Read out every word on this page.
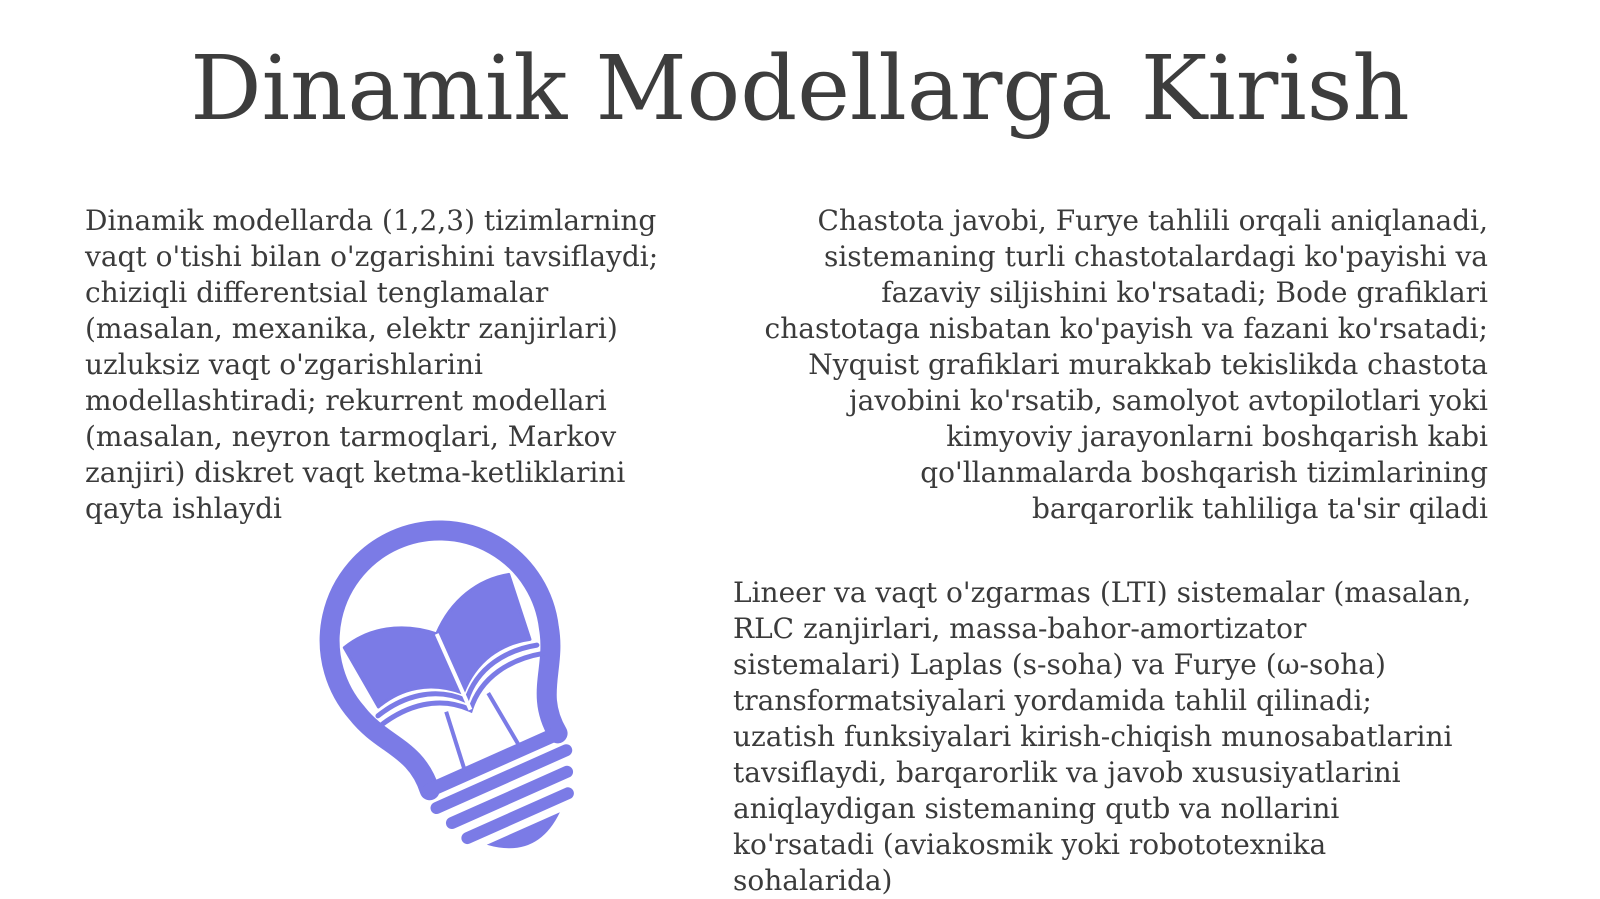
Dinamik Modellarga Kirish

Dinamik modellarda (1,2,3) tizimlarning
vaqt o'tishi bilan o'zgarishini tavsiflaydi;
chiziqli differentsial tenglamalar
(masalan, mexanika, elektr zanjirlari)
uzluksiz vaqt o'zgarishlarini
modellashtiradi; rekurrent modellari
(masalan, neyron tarmoqlari, Markov
zanjiri) diskret vaqt ketma-ketliklarini
qayta ishlaydi

Chastota javobi, Furye tahlili orqali aniqlanadi,
sistemaning turli chastotalardagi ko'payishi va
fazaviy siljishini ko'rsatadi; Bode grafiklari
chastotaga nisbatan ko'payish va fazani ko'rsatadi;
Nyquist grafiklari murakkab tekislikda chastota
javobini ko'rsatib, samolyot avtopilotlari yoki
kimyoviy jarayonlarni boshqarish kabi
qo'llanmalarda boshqarish tizimlarining
barqarorlik tahliliga ta'sir qiladi

Lineer va vaqt o'zgarmas (LTI) sistemalar (masalan,
RLC zanjirlari, massa-bahor-amortizator
sistemalari) Laplas (s-soha) va Furye (ω-soha)
transformatsiyalari yordamida tahlil qilinadi;
uzatish funksiyalari kirish-chiqish munosabatlarini
tavsiflaydi, barqarorlik va javob xususiyatlarini
aniqlaydigan sistemaning qutb va nollarini
ko'rsatadi (aviakosmik yoki robototexnika
sohalarida)
